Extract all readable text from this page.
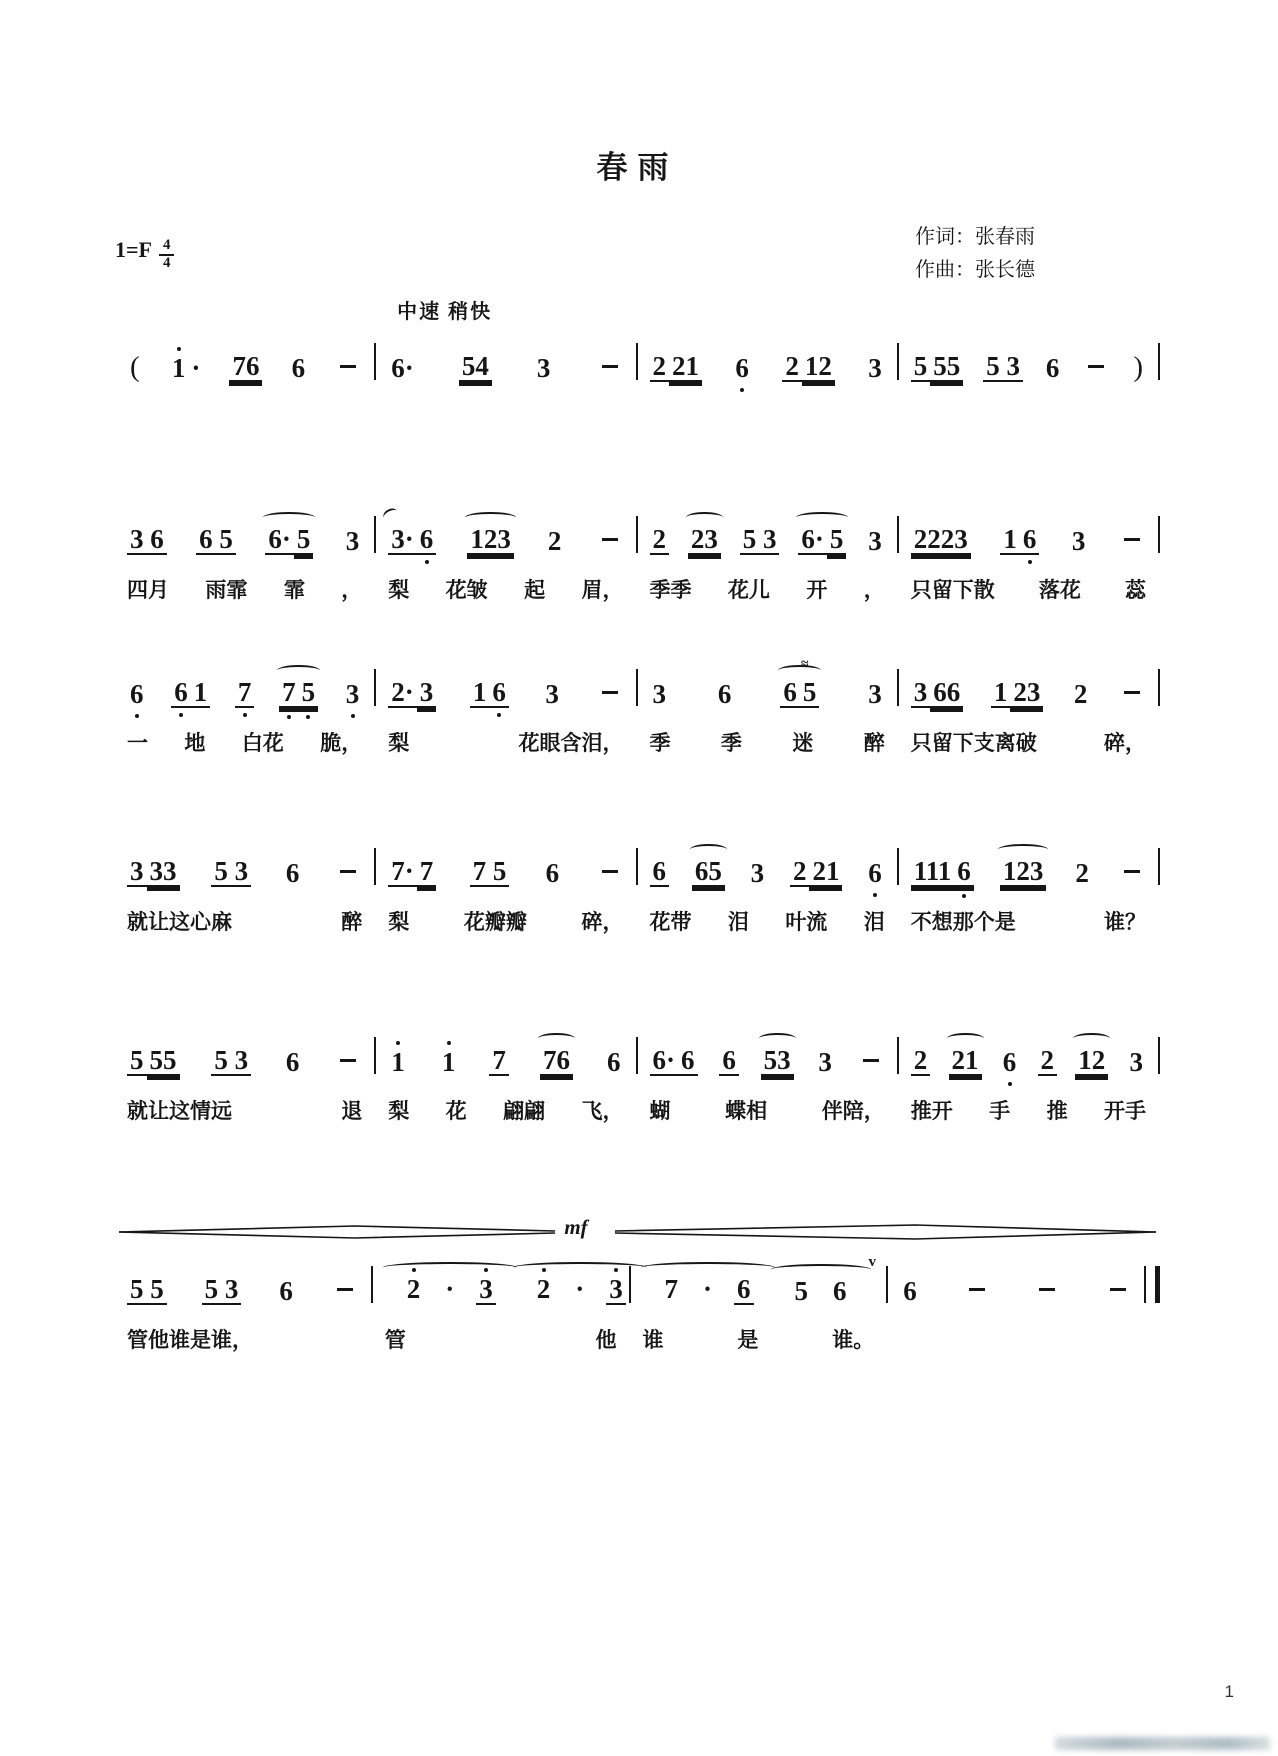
春雨
$1=F \frac{4}{4}$
作词：张春雨
作曲：张长德
中速 稍快
( 1 · 76 6	6· 54 3	2 21 6 2 12 3 5 55 5 3 6	)
3 6 6 5 6· 5 3
四月 雨霏 霏 ，
3· 6 123 2
梨 花皱 起 眉，
2 23 5 3 6· 5 3
季季 花儿 开 ，
2223 1 6 3
只留下散 落花 蕊
6 6 1 7 7 5 3
一 地 白花 脆，
2· 3 1 6 3
梨	花眼含泪，
3 6 6 5
≈
3
季 季 迷 醉
3 66 1 23 2
只留下支离破	碎，
3 33 5 3 6
就让这心麻	醉
7· 7 7 5 6
梨	花瓣瓣	碎，
6 65 3 2 21 6
花带 泪 叶流 泪
111 6 123 2
不想那个是	谁？
5 55 5 3 6
就让这情远	退
1 1 7 76 6
梨 花 翩翩 飞，
6· 6 6 53 3
蝴	蝶相	伴陪，
2 21 6 2 12 3
推开 手 推 开手
mf
5 5 5 3 6
管他谁是谁，
2 · 3	2 · 3
管	他
7 · 6	5 6
v
谁	是	谁。
6
1
